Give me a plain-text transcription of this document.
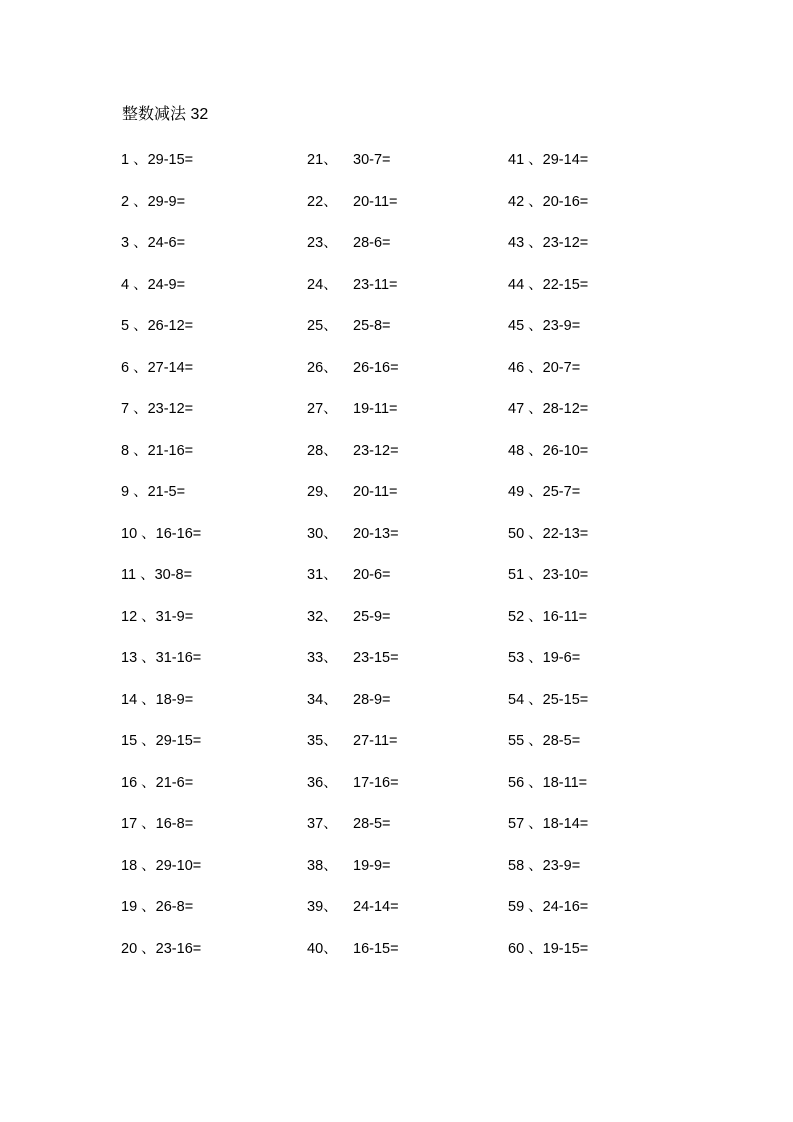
整数减法 32
1 、 29-15=
2 、 29-9=
3 、 24-6=
4 、 24-9=
5 、 26-12=
6 、 27-14=
7 、 23-12=
8 、 21-16=
9 、 21-5=
10 、 16-16=
11 、 30-8=
12 、 31-9=
13 、 31-16=
14 、 18-9=
15 、 29-15=
16 、 21-6=
17 、 16-8=
18 、 29-10=
19 、 26-8=
20 、 23-16=
21、	30-7=
22、	20-11=
23、	28-6=
24、	23-11=
25、	25-8=
26、	26-16=
27、	19-11=
28、	23-12=
29、	20-11=
30、	20-13=
31、	20-6=
32、	25-9=
33、	23-15=
34、	28-9=
35、	27-11=
36、	17-16=
37、	28-5=
38、	19-9=
39、	24-14=
40、	16-15=
41 、 29-14=
42 、 20-16=
43 、 23-12=
44 、 22-15=
45 、 23-9=
46 、 20-7=
47 、 28-12=
48 、 26-10=
49 、 25-7=
50 、 22-13=
51 、 23-10=
52 、 16-11=
53 、 19-6=
54 、 25-15=
55 、 28-5=
56 、 18-11=
57 、 18-14=
58 、 23-9=
59 、 24-16=
60 、 19-15=
